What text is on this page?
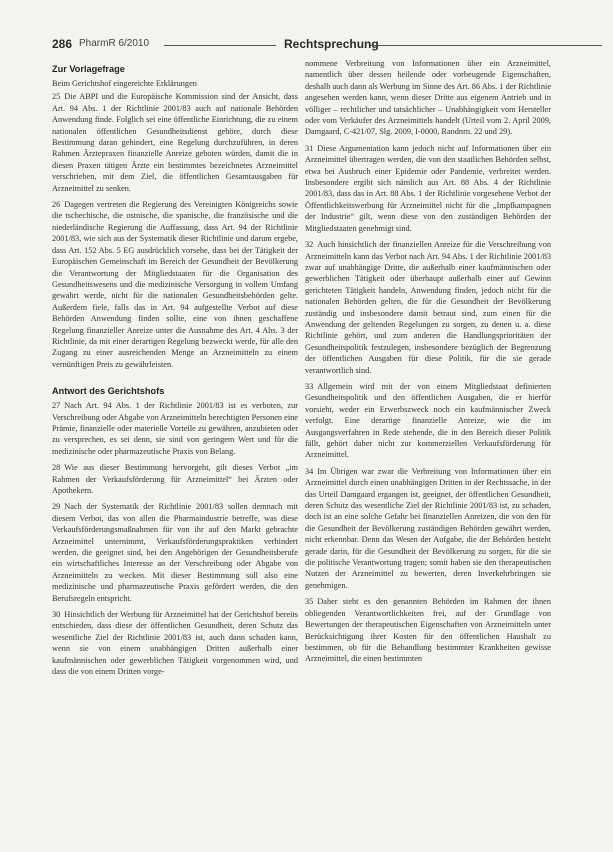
286 PharmR 6/2010	Rechtsprechung
Zur Vorlagefrage
Beim Gerichtshof eingereichte Erklärungen

25 Die ABPI und die Europäische Kommission sind der Ansicht, dass Art. 94 Abs. 1 der Richtlinie 2001/83 auch auf nationale Behörden Anwendung finde. Folglich sei eine öffentliche Einrichtung, die zu einem nationalen öffentlichen Gesundheitsdienst gehöre, durch diese Bestimmung daran gehindert, eine Regelung durchzuführen, in deren Rahmen Ärztepraxen finanzielle Anreize geboten würden, damit die in diesen Praxen tätigen Ärzte ein bestimmtes bezeichnetes Arzneimittel verschrieben, mit dem Ziel, die öffentlichen Gesamtausgaben für Arzneimittel zu senken.

26 Dagegen vertreten die Regierung des Vereinigten Königreichs sowie die tschechische, die ostnische, die spanische, die französische und die niederländische Regierung die Auffassung, dass Art. 94 der Richtlinie 2001/83, wie sich aus der Systematik dieser Richtlinie und darum ergebe, dass Art. 152 Abs. 5 EG ausdrücklich vorsehe, dass bei der Tätigkeit der Europäischen Gemeinschaft im Bereich der Gesundheit der Bevölkerung die Verantwortung der Mitgliedstaaten für die Organisation des Gesundheitswesens und die medizinische Versorgung in vollem Umfang gewahrt werde, nicht für die nationalen Gesundheitsbehörden gelte. Außerdem fiele, falls das in Art. 94 aufgestellte Verbot auf diese Behörden Anwendung finden sollte, eine von ihnen geschaffene Regelung finanzieller Anreize unter die Ausnahme des Art. 4 Abs. 3 der Richtlinie, da mit einer derartigen Regelung bezweckt werde, für alle den Zugang zu einer ausreichenden Menge an Arzneimitteln zu einem vernünftigen Preis zu gewährleisten.

Antwort des Gerichtshofs

27 Nach Art. 94 Abs. 1 der Richtlinie 2001/83 ist es verboten, zur Verschreibung oder Abgabe von Arzneimitteln berechtigten Personen eine Prämie, finanzielle oder materielle Vorteile zu gewähren, anzubieten oder zu versprechen, es sei denn, sie sind von geringem Wert und für die medizinische oder pharmazeutische Praxis von Belang.

28 Wie aus dieser Bestimmung hervorgeht, gilt dieses Verbot „im Rahmen der Verkaufsförderung für Arzneimittel“ bei Ärzten oder Apothekern.

29 Nach der Systematik der Richtlinie 2001/83 sollen demnach mit diesem Verbot, das von allen die Pharmaindustrie betreffe, was diese Verkaufsförderungsmaßnahmen für von ihr auf den Markt gebrachte Arzneimittel unternimmt, Verkaufsförderungspraktiken verhindert werden, die geeignet sind, bei den Angehörigen der Gesundheitsberufe ein wirtschaftliches Interesse an der Verschreibung oder Abgabe von Arzneimitteln zu wecken. Mit dieser Bestimmung soll also eine medizinische und pharmazeutische Praxis gefördert werden, die den Berufsregeln entspricht.

30 Hinsichtlich der Werbung für Arzneimittel hat der Gerichtshof bereits entschieden, dass diese der öffentlichen Gesundheit, deren Schutz das wesentliche Ziel der Richtlinie 2001/83 ist, auch dann schaden kann, wenn sie von einem unabhängigen Dritten außerhalb einer kaufmännischen oder gewerblichen Tätigkeit vorgenommen wird, und dass die von einem Dritten vorge-

nommene Verbreitung von Informationen über ein Arzneimittel, namentlich über dessen heilende oder vorbeugende Eigenschaften, deshalb auch dann als Werbung im Sinne des Art. 86 Abs. 1 der Richtlinie angesehen werden kann, wenn dieser Dritte aus eigenem Antrieb und in völliger – rechtlicher und tatsächlicher – Unabhängigkeit vom Hersteller oder vom Verkäufer des Arzneimittels handelt (Urteil vom 2. April 2009, Damgaard, C-421/07, Slg. 2009, I-0000, Randnrn. 22 und 29).

31 Diese Argumentation kann jedoch nicht auf Informationen über ein Arzneimittel übertragen werden, die von den staatlichen Behörden selbst, etwa bei Ausbruch einer Epidemie oder Pandemie, verbreitet werden. Insbesondere ergibt sich nämlich aus Art. 88 Abs. 4 der Richtlinie 2001/83, dass das in Art. 88 Abs. 1 der Richtlinie vorgesehene Verbot der Öffentlichkeitswerbung für Arzneimittel nicht für die „Impfkampagnen der Industrie“ gilt, wenn diese von den zuständigen Behörden der Mitgliedstaaten genehmigt sind.

32 Auch hinsichtlich der finanziellen Anreize für die Verschreibung von Arzneimitteln kann das Verbot nach Art. 94 Abs. 1 der Richtlinie 2001/83 zwar auf unabhängige Dritte, die außerhalb einer kaufmännischen oder gewerblichen Tätigkeit oder überhaupt außerhalb einer auf Gewinn gerichteten Tätigkeit handeln, Anwendung finden, jedoch nicht für die nationalen Behörden gelten, die für die Gesundheit der Bevölkerung zuständig und insbesondere damit betraut sind, zum einen für die Anwendung der geltenden Regelungen zu sorgen, zu denen u. a. diese Richtlinie gehört, und zum anderen die Handlungsprioritäten der Gesundheitspolitik festzulegen, insbesondere bezüglich der Begrenzung der öffentlichen Ausgaben für diese Politik, für die sie gerade verantwortlich sind.

33 Allgemein wird mit der von einem Mitgliedstaat definierten Gesundheitspolitik und den öffentlichen Ausgaben, die er hierfür vorsieht, weder ein Erwerbszweck noch ein kaufmännischer Zweck verfolgt. Eine derartige finanzielle Anreize, wie die im Ausgangsverfahren in Rede stehende, die in den Bereich dieser Politik fällt, gehört daher nicht zur kommerziellen Verkaufsförderung für Arzneimittel.

34 Im Übrigen war zwar die Verbreitung von Informationen über ein Arzneimittel durch einen unabhängigen Dritten in der Rechtssache, in der das Urteil Damgaard ergangen ist, geeignet, der öffentlichen Gesundheit, deren Schutz das wesentliche Ziel der Richtlinie 2001/83 ist, zu schaden, doch ist an eine solche Gefahr bei finanziellen Anreizen, die von den für die Gesundheit der Bevölkerung zuständigen Behörden gewährt werden, nicht erkennbar. Denn das Wesen der Aufgabe, die der Behörden besteht gerade darin, für die Gesundheit der Bevölkerung zu sorgen, für die sie die politische Verantwortung tragen; somit haben sie den therapeutischen Nutzen der Arzneimittel zu bewerten, deren Inverkehrbringen sie genehmigen.

35 Daher steht es den genannten Behörden im Rahmen der ihnen obliegenden Verantwortlichkeiten frei, auf der Grundlage von Bewertungen der therapeutischen Eigenschaften von Arzneimitteln unter Berücksichtigung ihrer Kosten für den öffentlichen Haushalt zu bestimmen, ob für die Behandlung bestimmter Krankheiten gewisse Arzneimittel, die einen bestimmten
